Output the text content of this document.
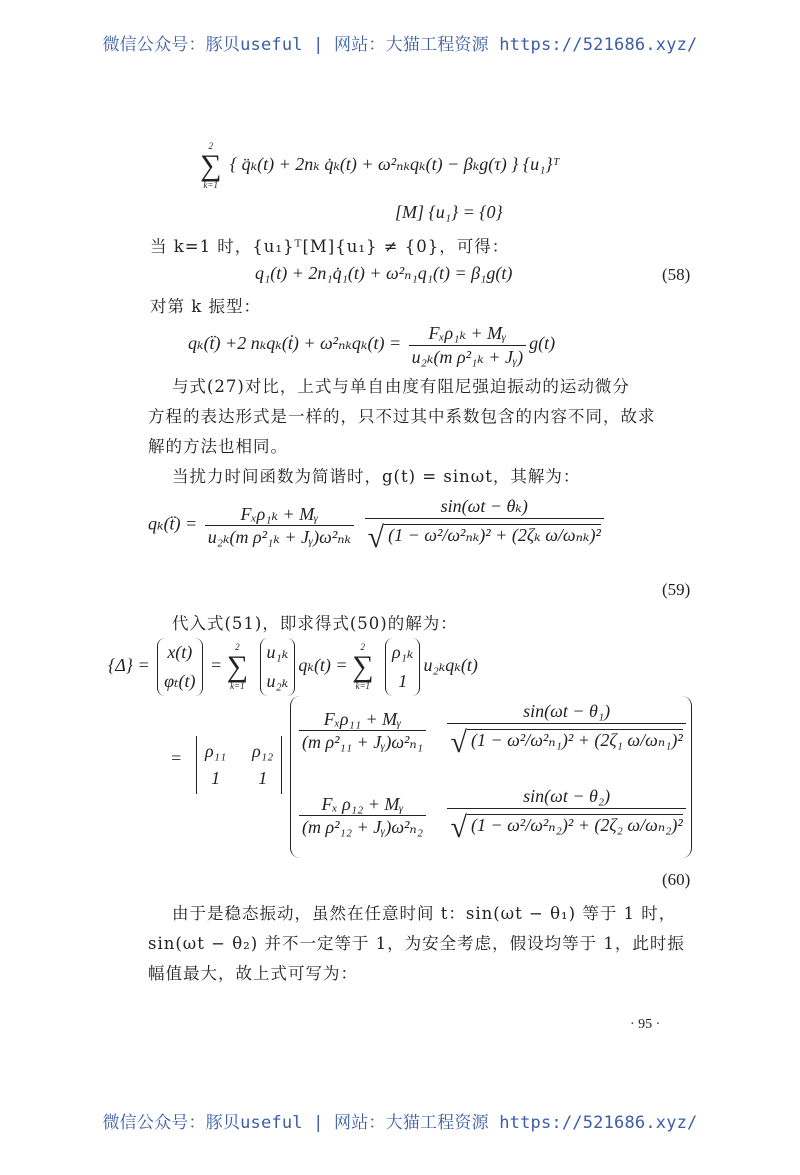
微信公众号：豚贝useful | 网站：大猫工程资源 https://521686.xyz/
2
∑
k=1
{ q̈ₖ(t) + 2nₖ q̇ₖ(t) + ω²ₙₖqₖ(t) − βₖg(τ) } {u₁}ᵀ
[M] {u₁} = {0}
当 k=1 时，{u₁}ᵀ[M]{u₁} ≠ {0}，可得：
q₁(t) + 2n₁q̇₁(t) + ω²ₙ₁q₁(t) = β₁g(t)	(58)
对第 k 振型：
qₖ(ẗ) +2 nₖqₖ(ṫ) + $\omega^2_{nk}q_k(t) = \frac{\text{Fₓρ₁ₖ + Mᵧ}}{\text{u₂ₖ(m ρ²₁ₖ + Jᵧ)}} g(t)$
与式(27)对比，上式与单自由度有阻尼强迫振动的运动微分
方程的表达形式是一样的，只不过其中系数包含的内容不同，故求
解的方法也相同。
当扰力时间函数为简谐时，g(t) = sinωt，其解为：
qₖ(ẗ) = $\frac{\text{Fₓρ₁ₖ + Mᵧ}}{\text{u₂ₖ(m ρ²₁ₖ + Jᵧ)ω²ₙₖ}}$
$\frac{\text{sin(ωt − θₖ)}}{\text{√ (1 − ω²/ω²ₙₖ)² + (2ζₖ ω/ωₙₖ)²}}$
(59)
代入式(51)，即求得式(50)的解为：
{Δ} =
x(t)
φₜ(t)
=
2
∑
k=1

u₁ₖ
u₂ₖ
qₖ(t) =
2
∑
k=1

ρ₁ₖ
1
u₂ₖqₖ(t)
= ρ₁₁ ρ₁₂
1	1
$\frac{\text{Fₓρ₁₁ + Mᵧ}}{\text{(m ρ²₁₁ + Jᵧ)ω²ₙ₁}}$
$\frac{\text{sin(ωt − θ₁)}}{\text{√ (1 − ω²/ω²ₙ₁)² + (2ζ₁ ω/ωₙ₁)²}}$
$\frac{\text{Fₓ ρ₁₂ + Mᵧ}}{\text{(m ρ²₁₂ + Jᵧ)ω²ₙ₂}}$
$\frac{\text{sin(ωt − θ₂)}}{\text{√ (1 − ω²/ω²ₙ₂)² + (2ζ₂ ω/ωₙ₂)²}}$
(60)
由于是稳态振动，虽然在任意时间 t：sin(ωt − θ₁) 等于 1 时，
sin(ωt − θ₂) 并不一定等于 1，为安全考虑，假设均等于 1，此时振
幅值最大，故上式可写为：
· 95 ·
微信公众号：豚贝useful | 网站：大猫工程资源 https://521686.xyz/
